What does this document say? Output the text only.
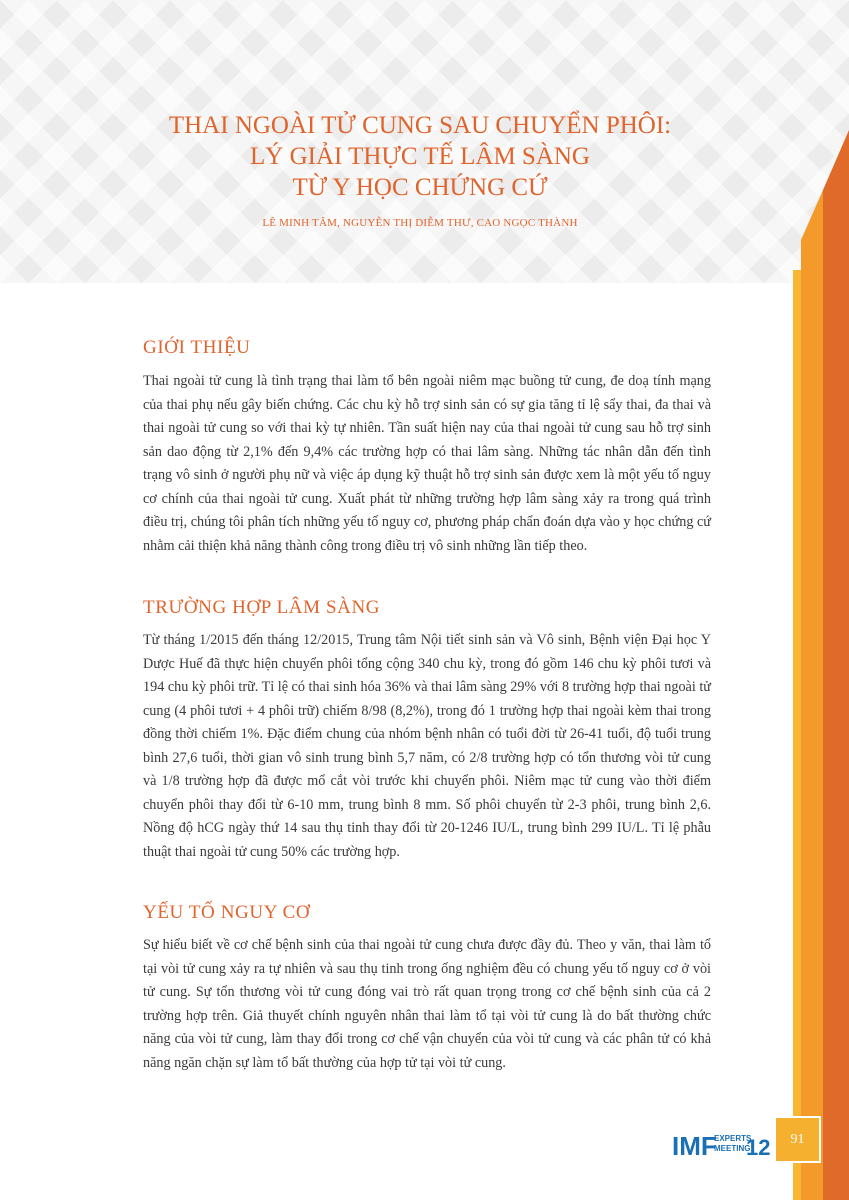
THAI NGOÀI TỬ CUNG SAU CHUYỂN PHÔI:
LÝ GIẢI THỰC TẾ LÂM SÀNG
TỪ Y HỌC CHỨNG CỨ
LÊ MINH TÂM, NGUYỄN THỊ DIỄM THƯ, CAO NGỌC THÀNH
GIỚI THIỆU

Thai ngoài tử cung là tình trạng thai làm tổ bên ngoài niêm mạc buồng tử cung, đe doạ tính mạng của thai phụ nếu gây biến chứng. Các chu kỳ hỗ trợ sinh sản có sự gia tăng tỉ lệ sẩy thai, đa thai và thai ngoài tử cung so với thai kỳ tự nhiên. Tần suất hiện nay của thai ngoài tử cung sau hỗ trợ sinh sản dao động từ 2,1% đến 9,4% các trường hợp có thai lâm sàng. Những tác nhân dẫn đến tình trạng vô sinh ở người phụ nữ và việc áp dụng kỹ thuật hỗ trợ sinh sản được xem là một yếu tố nguy cơ chính của thai ngoài tử cung. Xuất phát từ những trường hợp lâm sàng xảy ra trong quá trình điều trị, chúng tôi phân tích những yếu tố nguy cơ, phương pháp chẩn đoán dựa vào y học chứng cứ nhằm cải thiện khả năng thành công trong điều trị vô sinh những lần tiếp theo.

TRƯỜNG HỢP LÂM SÀNG

Từ tháng 1/2015 đến tháng 12/2015, Trung tâm Nội tiết sinh sản và Vô sinh, Bệnh viện Đại học Y Dược Huế đã thực hiện chuyển phôi tổng cộng 340 chu kỳ, trong đó gồm 146 chu kỳ phôi tươi và 194 chu kỳ phôi trữ. Tỉ lệ có thai sinh hóa 36% và thai lâm sàng 29% với 8 trường hợp thai ngoài tử cung (4 phôi tươi + 4 phôi trữ) chiếm 8/98 (8,2%), trong đó 1 trường hợp thai ngoài kèm thai trong đồng thời chiếm 1%. Đặc điểm chung của nhóm bệnh nhân có tuổi đời từ 26-41 tuổi, độ tuổi trung bình 27,6 tuổi, thời gian vô sinh trung bình 5,7 năm, có 2/8 trường hợp có tổn thương vòi tử cung và 1/8 trường hợp đã được mổ cắt vòi trước khi chuyển phôi. Niêm mạc tử cung vào thời điểm chuyển phôi thay đổi từ 6-10 mm, trung bình 8 mm. Số phôi chuyển từ 2-3 phôi, trung bình 2,6. Nồng độ hCG ngày thứ 14 sau thụ tinh thay đổi từ 20-1246 IU/L, trung bình 299 IU/L. Tỉ lệ phẫu thuật thai ngoài tử cung 50% các trường hợp.

YẾU TỐ NGUY CƠ

Sự hiểu biết về cơ chế bệnh sinh của thai ngoài tử cung chưa được đầy đủ. Theo y văn, thai làm tổ tại vòi tử cung xảy ra tự nhiên và sau thụ tinh trong ống nghiệm đều có chung yếu tố nguy cơ ở vòi tử cung. Sự tổn thương vòi tử cung đóng vai trò rất quan trọng trong cơ chế bệnh sinh của cả 2 trường hợp trên. Giả thuyết chính nguyên nhân thai làm tổ tại vòi tử cung là do bất thường chức năng của vòi tử cung, làm thay đổi trong cơ chế vận chuyển của vòi tử cung và các phân tử có khả năng ngăn chặn sự làm tổ bất thường của hợp tử tại vòi tử cung.

IMF
EXPERTS
MEETING
12	91
